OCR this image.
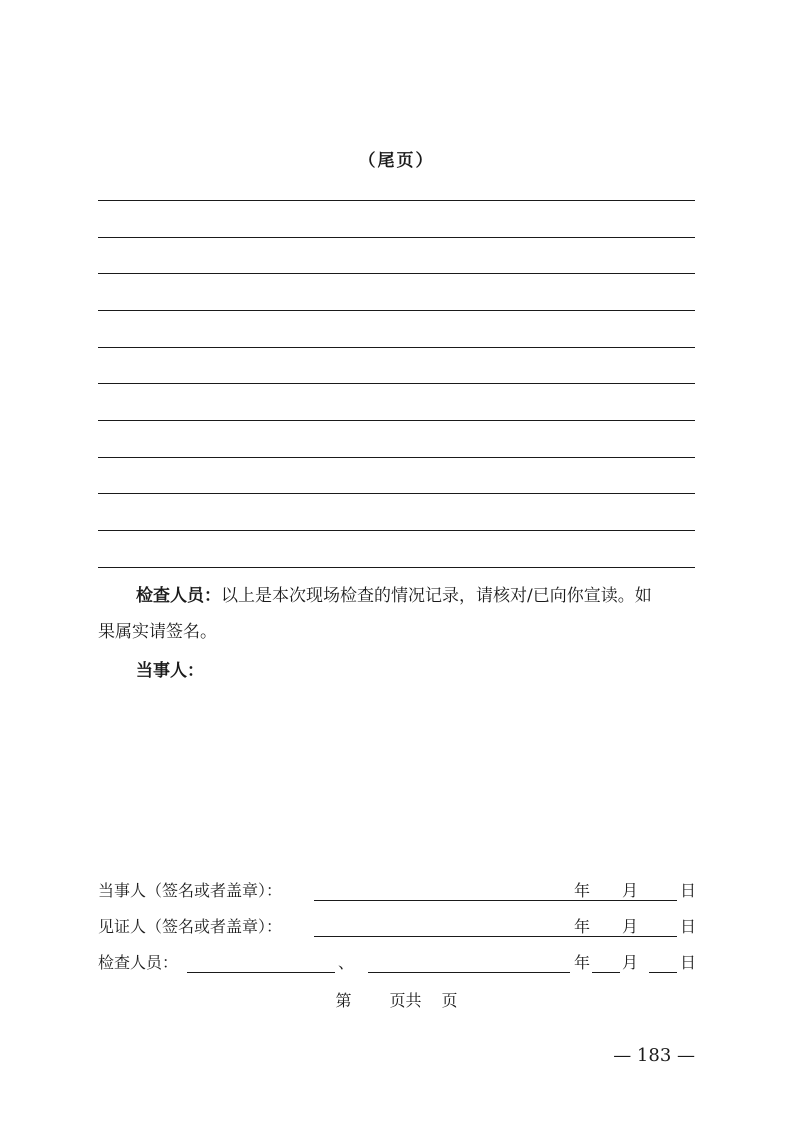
（尾页）
检查人员：以上是本次现场检查的情况记录，请核对/已向你宣读。如
果属实请签名。
当事人：
当事人（签名或者盖章）：	年 月	日
见证人（签名或者盖章）：	年 月	日
检查人员：	、	年 月	日
第 页共 页
— 183 —
